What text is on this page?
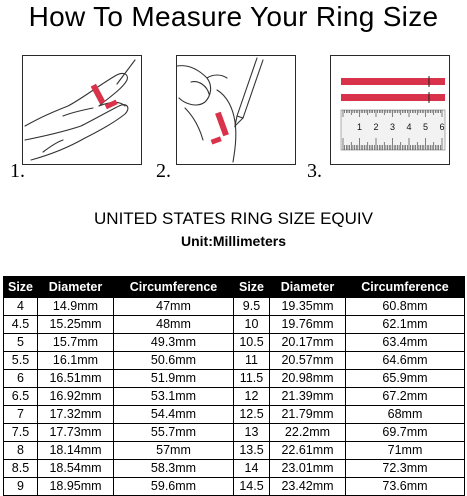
How To Measure Your Ring Size
1.	2.
1 2 3 4 5 6
3.
UNITED STATES RING SIZE EQUIV
Unit:Millimeters
Size	Diameter	Circumference	Size	Diameter	Circumference
4	14.9mm	47mm	9.5	19.35mm	60.8mm
4.5	15.25mm	48mm	10	19.76mm	62.1mm
5	15.7mm	49.3mm	10.5	20.17mm	63.4mm
5.5	16.1mm	50.6mm	11	20.57mm	64.6mm
6	16.51mm	51.9mm	11.5	20.98mm	65.9mm
6.5	16.92mm	53.1mm	12	21.39mm	67.2mm
7	17.32mm	54.4mm	12.5	21.79mm	68mm
7.5	17.73mm	55.7mm	13	22.2mm	69.7mm
8	18.14mm	57mm	13.5	22.61mm	71mm
8.5	18.54mm	58.3mm	14	23.01mm	72.3mm
9	18.95mm	59.6mm	14.5	23.42mm	73.6mm
